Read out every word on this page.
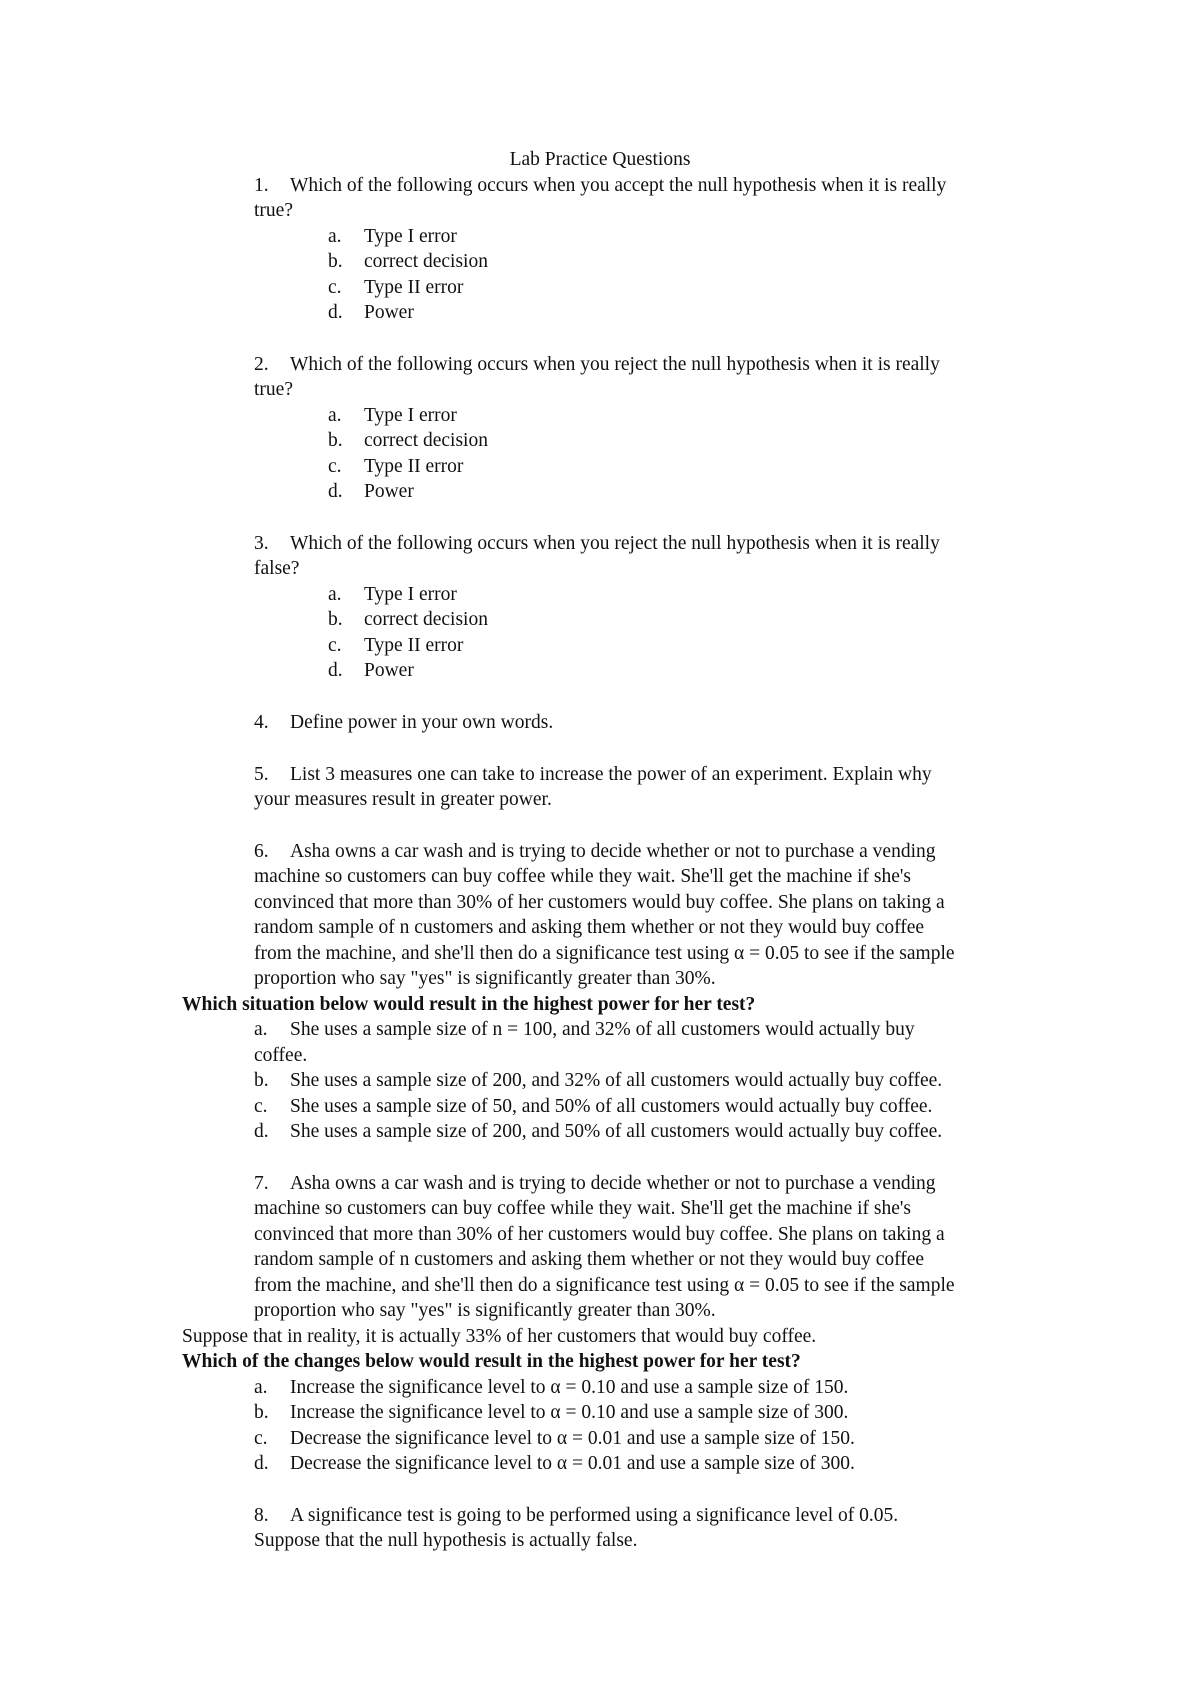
Lab Practice Questions
1. Which of the following occurs when you accept the null hypothesis when it is really
true?
a. Type I error
b. correct decision
c. Type II error
d. Power
2. Which of the following occurs when you reject the null hypothesis when it is really
true?
a. Type I error
b. correct decision
c. Type II error
d. Power
3. Which of the following occurs when you reject the null hypothesis when it is really
false?
a. Type I error
b. correct decision
c. Type II error
d. Power
4. Define power in your own words.
5. List 3 measures one can take to increase the power of an experiment. Explain why
your measures result in greater power.
6. Asha owns a car wash and is trying to decide whether or not to purchase a vending
machine so customers can buy coffee while they wait. She'll get the machine if she's
convinced that more than 30% of her customers would buy coffee. She plans on taking a
random sample of n customers and asking them whether or not they would buy coffee
from the machine, and she'll then do a significance test using α = 0.05 to see if the sample
proportion who say "yes" is significantly greater than 30%.
Which situation below would result in the highest power for her test?
a. She uses a sample size of n = 100, and 32% of all customers would actually buy
coffee.
b. She uses a sample size of 200, and 32% of all customers would actually buy coffee.
c. She uses a sample size of 50, and 50% of all customers would actually buy coffee.
d. She uses a sample size of 200, and 50% of all customers would actually buy coffee.
7. Asha owns a car wash and is trying to decide whether or not to purchase a vending
machine so customers can buy coffee while they wait. She'll get the machine if she's
convinced that more than 30% of her customers would buy coffee. She plans on taking a
random sample of n customers and asking them whether or not they would buy coffee
from the machine, and she'll then do a significance test using α = 0.05 to see if the sample
proportion who say "yes" is significantly greater than 30%.
Suppose that in reality, it is actually 33% of her customers that would buy coffee.
Which of the changes below would result in the highest power for her test?
a. Increase the significance level to α = 0.10 and use a sample size of 150.
b. Increase the significance level to α = 0.10 and use a sample size of 300.
c. Decrease the significance level to α = 0.01 and use a sample size of 150.
d. Decrease the significance level to α = 0.01 and use a sample size of 300.
8. A significance test is going to be performed using a significance level of 0.05.
Suppose that the null hypothesis is actually false.
